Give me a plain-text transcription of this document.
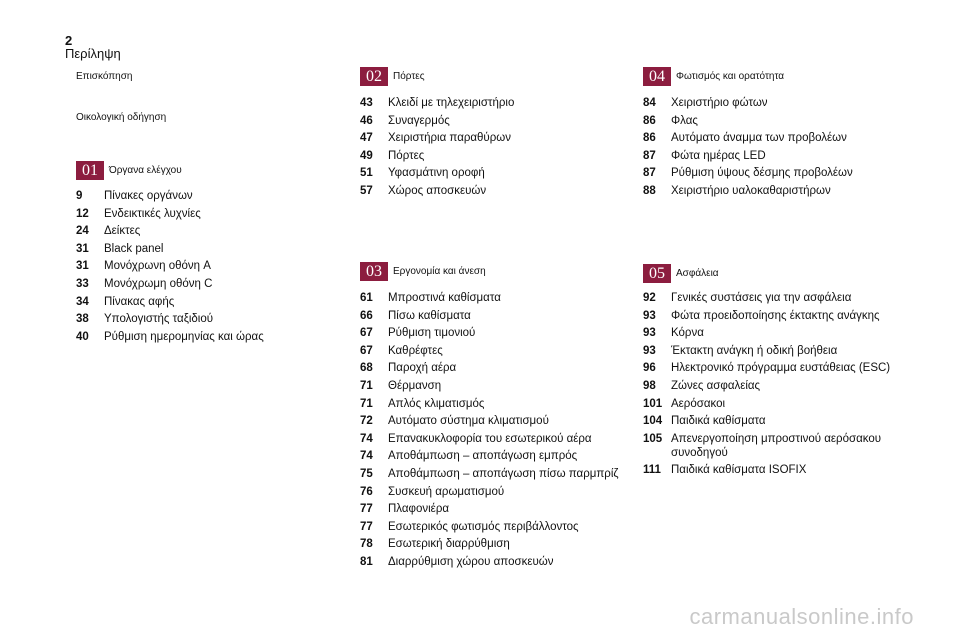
2
Περίληψη
Επισκόπηση
Οικολογική οδήγηση
01	Όργανα ελέγχου
9	Πίνακες οργάνων
12	Ενδεικτικές λυχνίες
24	Δείκτες
31	Black panel
31	Μονόχρωνη οθόνη A
33	Μονόχρωμη οθόνη C
34	Πίνακας αφής
38	Υπολογιστής ταξιδιού
40	Ρύθμιση ημερομηνίας και ώρας
02	Πόρτες
43	Κλειδί με τηλεχειριστήριο
46	Συναγερμός
47	Χειριστήρια παραθύρων
49	Πόρτες
51	Υφασμάτινη οροφή
57	Χώρος αποσκευών
03	Εργονομία και άνεση
61	Μπροστινά καθίσματα
66	Πίσω καθίσματα
67	Ρύθμιση τιμονιού
67	Καθρέφτες
68	Παροχή αέρα
71	Θέρμανση
71	Απλός κλιματισμός
72	Αυτόματο σύστημα κλιματισμού
74	Επανακυκλοφορία του εσωτερικού αέρα
74	Αποθάμπωση – αποπάγωση εμπρός
75	Αποθάμπωση – αποπάγωση πίσω παρμπρίζ
76	Συσκευή αρωματισμού
77	Πλαφονιέρα
77	Εσωτερικός φωτισμός περιβάλλοντος
78	Εσωτερική διαρρύθμιση
81	Διαρρύθμιση χώρου αποσκευών
04	Φωτισμός και ορατότητα
84	Χειριστήριο φώτων
86	Φλας
86	Αυτόματο άναμμα των προβολέων
87	Φώτα ημέρας LED
87	Ρύθμιση ύψους δέσμης προβολέων
88	Χειριστήριο υαλοκαθαριστήρων
05	Ασφάλεια
92	Γενικές συστάσεις για την ασφάλεια
93	Φώτα προειδοποίησης έκτακτης ανάγκης
93	Κόρνα
93	Έκτακτη ανάγκη ή οδική βοήθεια
96	Ηλεκτρονικό πρόγραμμα ευστάθειας (ESC)
98	Ζώνες ασφαλείας
101 Αερόσακοι
104 Παιδικά καθίσματα
105 Απενεργοποίηση μπροστινού αερόσακου συνοδηγού
111 Παιδικά καθίσματα ISOFIX
carmanualsonline.info
